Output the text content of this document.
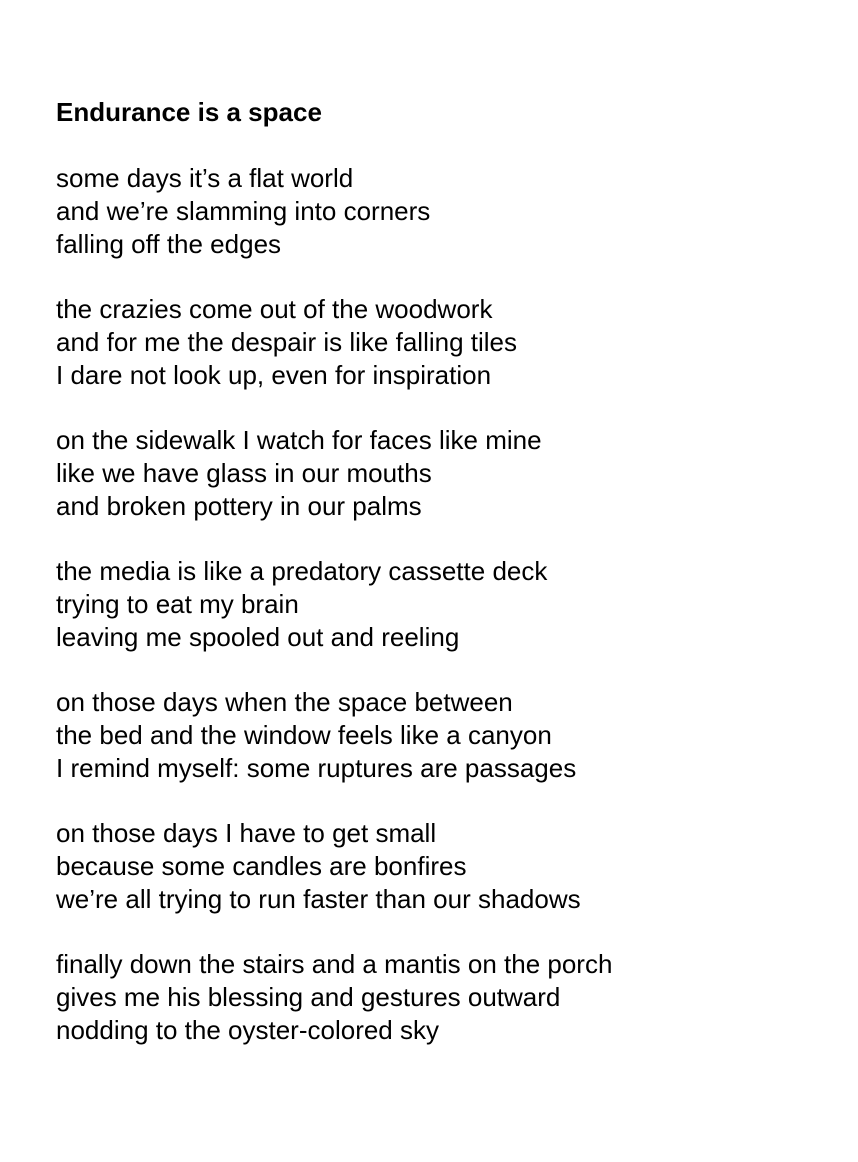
Endurance is a space
some days it’s a flat world
and we’re slamming into corners
falling off the edges
the crazies come out of the woodwork
and for me the despair is like falling tiles
I dare not look up, even for inspiration
on the sidewalk I watch for faces like mine
like we have glass in our mouths
and broken pottery in our palms
the media is like a predatory cassette deck
trying to eat my brain
leaving me spooled out and reeling
on those days when the space between
the bed and the window feels like a canyon
I remind myself: some ruptures are passages
on those days I have to get small
because some candles are bonfires
we’re all trying to run faster than our shadows
finally down the stairs and a mantis on the porch
gives me his blessing and gestures outward
nodding to the oyster-colored sky
